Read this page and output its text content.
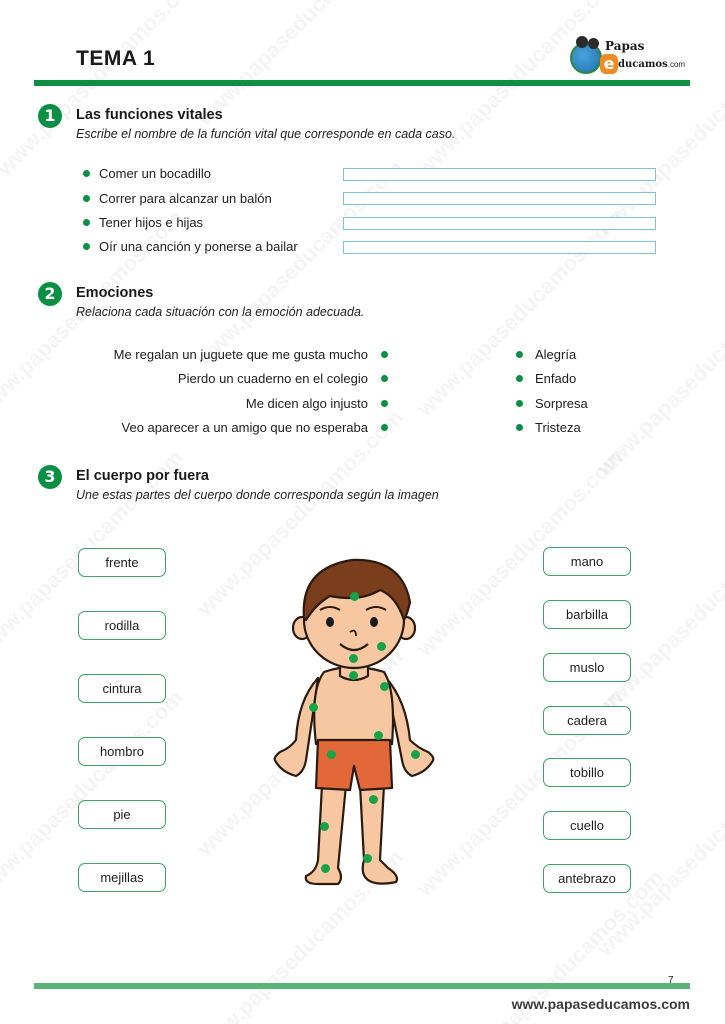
TEMA 1
Papas
e ducamos.com
1	Las funciones vitales
Escribe el nombre de la función vital que corresponde en cada caso.
Comer un bocadillo
Correr para alcanzar un balón
Tener hijos e hijas
Oír una canción y ponerse a bailar
2	Emociones
Relaciona cada situación con la emoción adecuada.
Me regalan un juguete que me gusta mucho
Pierdo un cuaderno en el colegio
Me dicen algo injusto
Veo aparecer a un amigo que no esperaba
Alegría
Enfado
Sorpresa
Tristeza
3	El cuerpo por fuera
Une estas partes del cuerpo donde corresponda según la imagen
frente
rodilla
cintura
hombro
pie
mejillas
mano
barbilla
muslo
cadera
tobillo
cuello
antebrazo
7
www.papaseducamos.com
